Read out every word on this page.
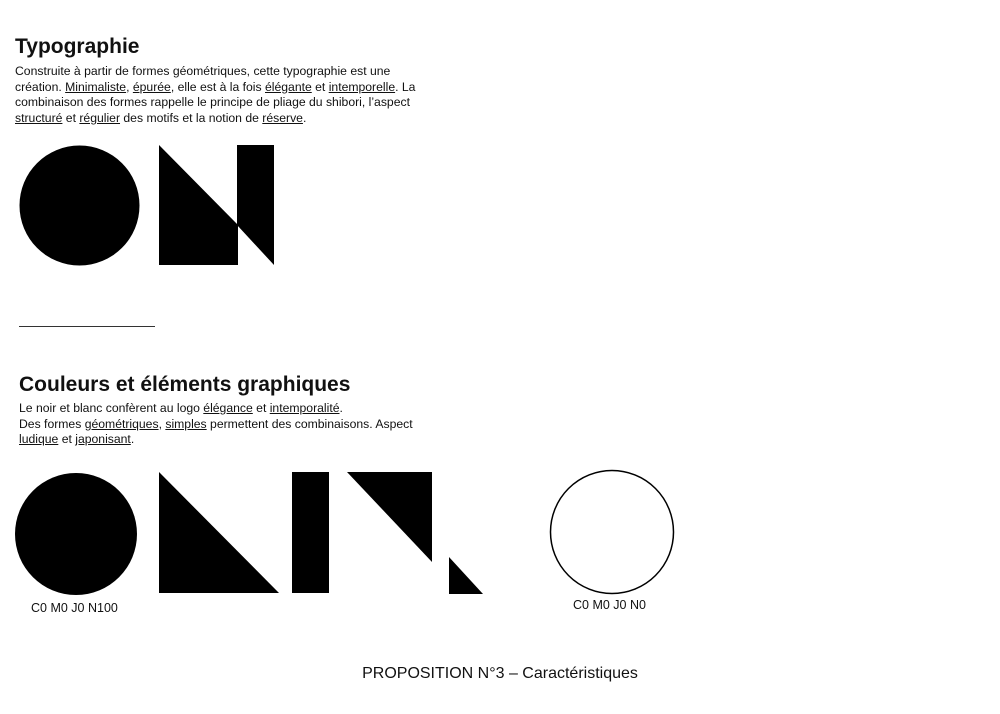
Typographie
Construite à partir de formes géométriques, cette typographie est une
création. Minimaliste, épurée, elle est à la fois élégante et intemporelle. La
combinaison des formes rappelle le principe de pliage du shibori, l’aspect
structuré et régulier des motifs et la notion de réserve.
Couleurs et éléments graphiques
Le noir et blanc confèrent au logo élégance et intemporalité.
Des formes géométriques, simples permettent des combinaisons. Aspect
ludique et japonisant.
C0 M0 J0 N100	C0 M0 J0 N0
PROPOSITION N°3 – Caractéristiques
